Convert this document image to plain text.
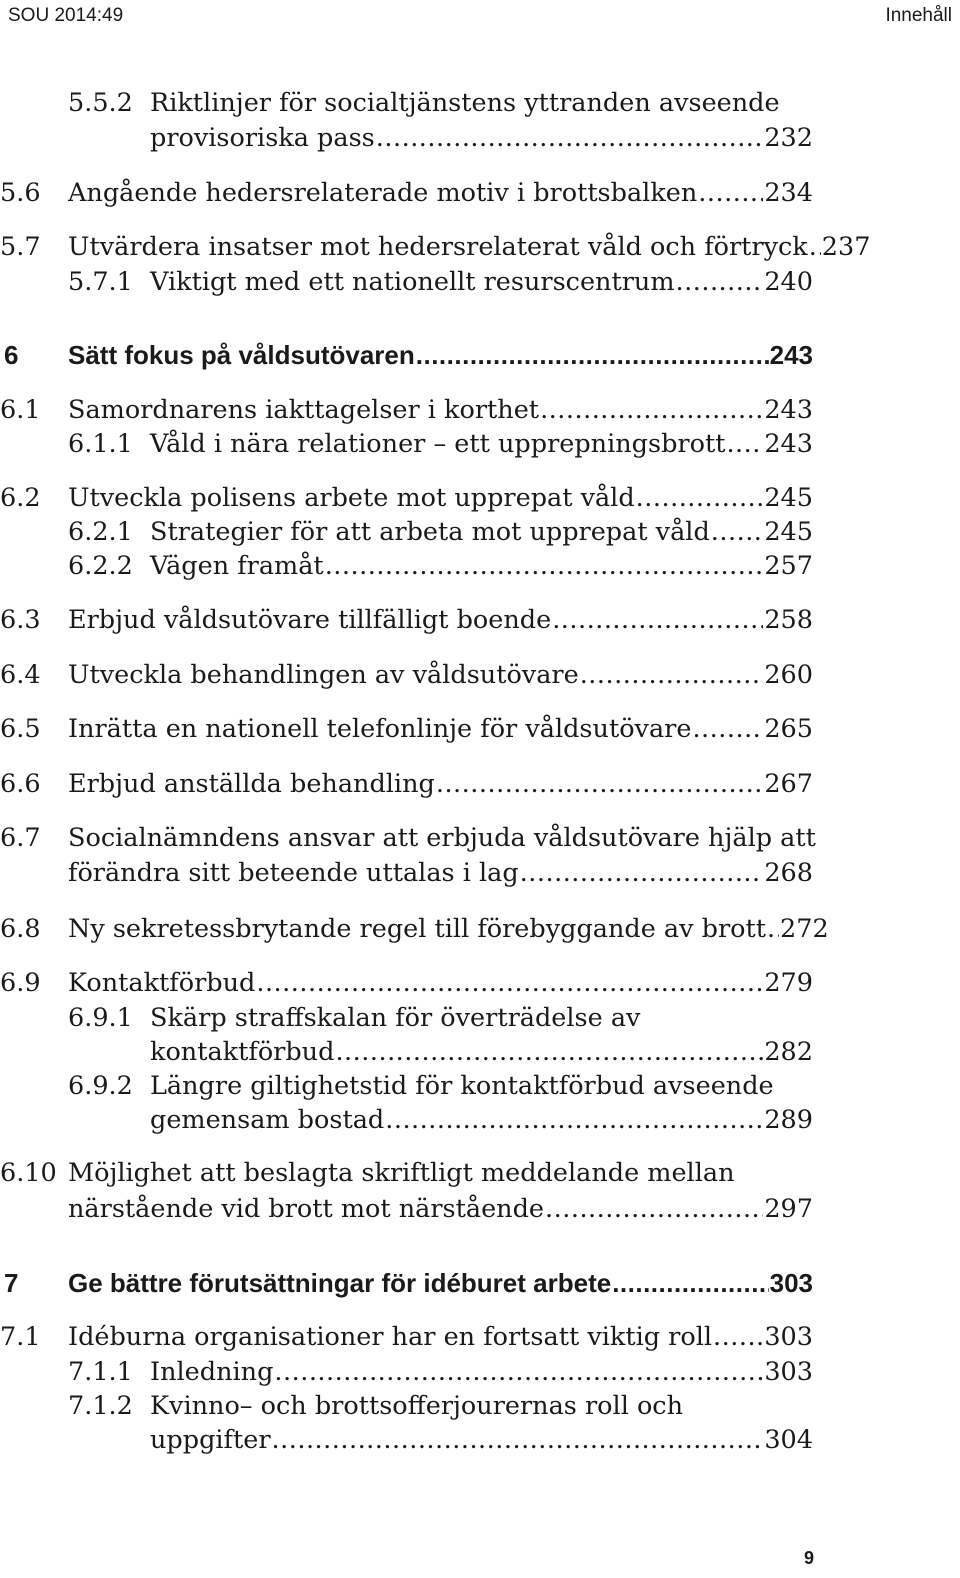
SOU 2014:49	Innehåll
5.5.2 Riktlinjer för socialtjänstens yttranden avseende
provisoriska pass .....	232
5.6 Angående hedersrelaterade motiv i brottsbalken .....	234
5.7 Utvärdera insatser mot hedersrelaterat våld och förtryck ..... 237
5.7.1 Viktigt med ett nationellt resurscentrum .....	240
6 Sätt fokus på våldsutövaren .....	243
6.1 Samordnarens iakttagelser i korthet .....	243
6.1.1 Våld i nära relationer – ett upprepningsbrott ..... 243
6.2 Utveckla polisens arbete mot upprepat våld .....	245
6.2.1 Strategier för att arbeta mot upprepat våld ..... 245
6.2.2 Vägen framåt .....	257
6.3 Erbjud våldsutövare tillfälligt boende .....	258
6.4 Utveckla behandlingen av våldsutövare .....	260
6.5 Inrätta en nationell telefonlinje för våldsutövare .....	265
6.6 Erbjud anställda behandling .....	267
6.7 Socialnämndens ansvar att erbjuda våldsutövare hjälp att
förändra sitt beteende uttalas i lag .....	268
6.8 Ny sekretessbrytande regel till förebyggande av brott ..... 272
6.9 Kontaktförbud .....	279
6.9.1 Skärp straffskalan för överträdelse av
kontaktförbud .....	282
6.9.2 Längre giltighetstid för kontaktförbud avseende
gemensam bostad .....	289
6.10 Möjlighet att beslagta skriftligt meddelande mellan
närstående vid brott mot närstående .....	297
7 Ge bättre förutsättningar för idéburet arbete .....	303
7.1 Idéburna organisationer har en fortsatt viktig roll ..... 303
7.1.1 Inledning .....	303
7.1.2 Kvinno– och brottsofferjourernas roll och
uppgifter .....	304
9
